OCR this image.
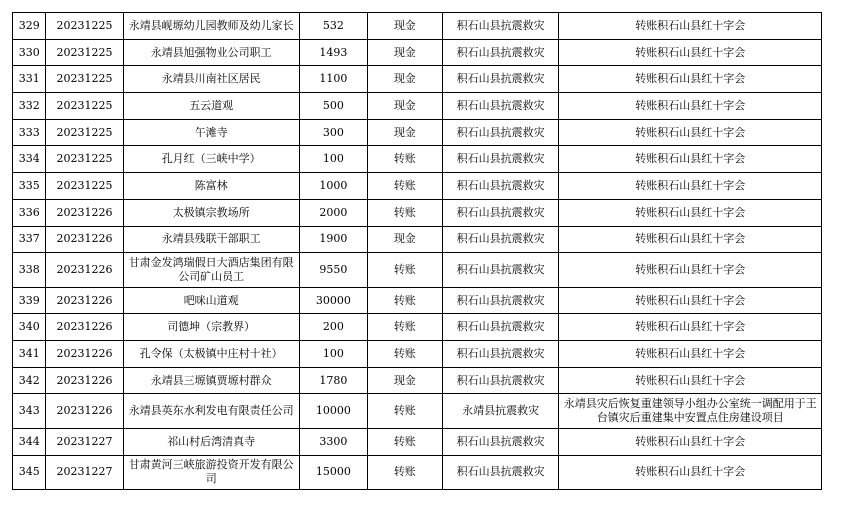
329	20231225	永靖县岘塬幼儿园教师及幼儿家长	532	现金	积石山县抗震救灾	转账积石山县红十字会
330	20231225	永靖县旭强物业公司职工	1493	现金	积石山县抗震救灾	转账积石山县红十字会
331	20231225	永靖县川南社区居民	1100	现金	积石山县抗震救灾	转账积石山县红十字会
332	20231225	五云道观	500	现金	积石山县抗震救灾	转账积石山县红十字会
333	20231225	午滩寺	300	现金	积石山县抗震救灾	转账积石山县红十字会
334	20231225	孔月红（三峡中学）	100	转账	积石山县抗震救灾	转账积石山县红十字会
335	20231225	陈富林	1000	转账	积石山县抗震救灾	转账积石山县红十字会
336	20231226	太极镇宗教场所	2000	转账	积石山县抗震救灾	转账积石山县红十字会
337	20231226	永靖县残联干部职工	1900	现金	积石山县抗震救灾	转账积石山县红十字会
338	20231226	甘肃金发鸿瑞假日大酒店集团有限公司矿山员工	9550	转账	积石山县抗震救灾	转账积石山县红十字会
339	20231226	吧咪山道观	30000	转账	积石山县抗震救灾	转账积石山县红十字会
340	20231226	司德坤（宗教界）	200	转账	积石山县抗震救灾	转账积石山县红十字会
341	20231226	孔令保（太极镇中庄村十社）	100	转账	积石山县抗震救灾	转账积石山县红十字会
342	20231226	永靖县三塬镇贾塬村群众	1780	现金	积石山县抗震救灾	转账积石山县红十字会
343	20231226	永靖县英东水利发电有限责任公司	10000	转账	永靖县抗震救灾	永靖县灾后恢复重建领导小组办公室统一调配用于王台镇灾后重建集中安置点住房建设项目
344	20231227	祁山村后湾清真寺	3300	转账	积石山县抗震救灾	转账积石山县红十字会
345	20231227	甘肃黄河三峡旅游投资开发有限公司	15000	转账	积石山县抗震救灾	转账积石山县红十字会
